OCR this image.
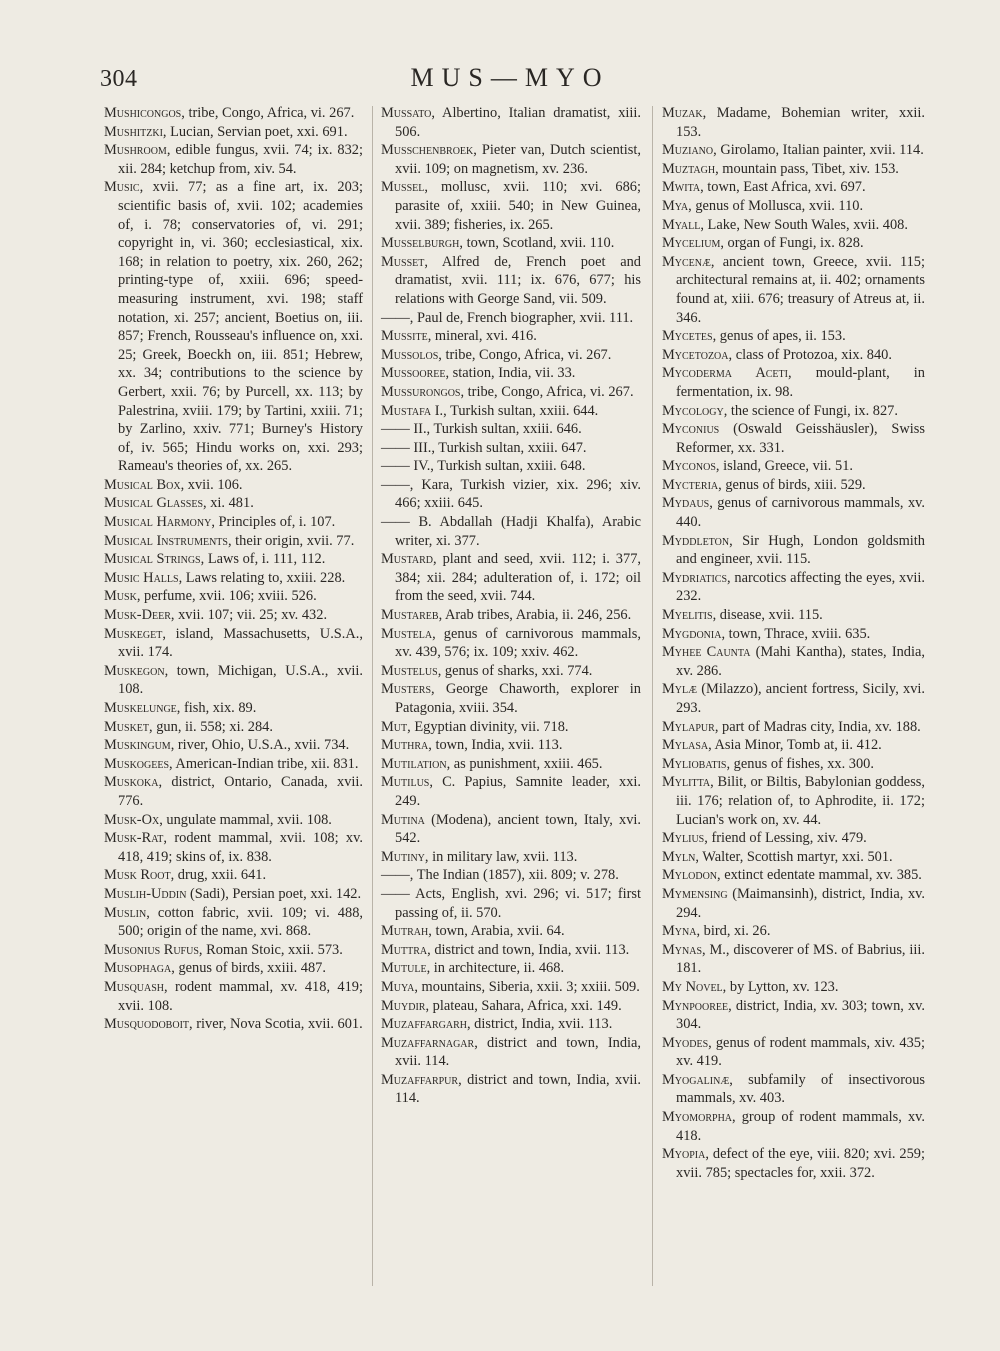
304	MUS—MYO

Mushicongos, tribe, Congo, Africa, vi. 267.

Mushitzki, Lucian, Servian poet, xxi. 691.

Mushroom, edible fungus, xvii. 74; ix. 832; xii. 284; ketchup from, xiv. 54.

Music, xvii. 77; as a fine art, ix. 203; scientific basis of, xvii. 102; academies of, i. 78; conservatories of, vi. 291; copyright in, vi. 360; ecclesiastical, xix. 168; in relation to poetry, xix. 260, 262; printing-type of, xxiii. 696; speed-measuring instrument, xvi. 198; staff notation, xi. 257; ancient, Boetius on, iii. 857; French, Rousseau's influence on, xxi. 25; Greek, Boeckh on, iii. 851; Hebrew, xx. 34; contributions to the science by Gerbert, xxii. 76; by Purcell, xx. 113; by Palestrina, xviii. 179; by Tartini, xxiii. 71; by Zarlino, xxiv. 771; Burney's History of, iv. 565; Hindu works on, xxi. 293; Rameau's theories of, xx. 265.

Musical Box, xvii. 106.

Musical Glasses, xi. 481.

Musical Harmony, Principles of, i. 107.

Musical Instruments, their origin, xvii. 77.

Musical Strings, Laws of, i. 111, 112.

Music Halls, Laws relating to, xxiii. 228.

Musk, perfume, xvii. 106; xviii. 526.

Musk-Deer, xvii. 107; vii. 25; xv. 432.

Muskeget, island, Massachusetts, U.S.A., xvii. 174.

Muskegon, town, Michigan, U.S.A., xvii. 108.

Muskelunge, fish, xix. 89.

Musket, gun, ii. 558; xi. 284.

Muskingum, river, Ohio, U.S.A., xvii. 734.

Muskogees, American-Indian tribe, xii. 831.

Muskoka, district, Ontario, Canada, xvii. 776.

Musk-Ox, ungulate mammal, xvii. 108.

Musk-Rat, rodent mammal, xvii. 108; xv. 418, 419; skins of, ix. 838.

Musk Root, drug, xxii. 641.

Muslih-Uddin (Sadi), Persian poet, xxi. 142.

Muslin, cotton fabric, xvii. 109; vi. 488, 500; origin of the name, xvi. 868.

Musonius Rufus, Roman Stoic, xxii. 573.

Musophaga, genus of birds, xxiii. 487.

Musquash, rodent mammal, xv. 418, 419; xvii. 108.

Musquodoboit, river, Nova Scotia, xvii. 601.

Mussato, Albertino, Italian dramatist, xiii. 506.

Musschenbroek, Pieter van, Dutch scientist, xvii. 109; on magnetism, xv. 236.

Mussel, mollusc, xvii. 110; xvi. 686; parasite of, xxiii. 540; in New Guinea, xvii. 389; fisheries, ix. 265.

Musselburgh, town, Scotland, xvii. 110.

Musset, Alfred de, French poet and dramatist, xvii. 111; ix. 676, 677; his relations with George Sand, vii. 509.

——, Paul de, French biographer, xvii. 111.

Mussite, mineral, xvi. 416.

Mussolos, tribe, Congo, Africa, vi. 267.

Mussooree, station, India, vii. 33.

Mussurongos, tribe, Congo, Africa, vi. 267.

Mustafa I., Turkish sultan, xxiii. 644.

—— II., Turkish sultan, xxiii. 646.

—— III., Turkish sultan, xxiii. 647.

—— IV., Turkish sultan, xxiii. 648.

——, Kara, Turkish vizier, xix. 296; xiv. 466; xxiii. 645.

—— B. Abdallah (Hadji Khalfa), Arabic writer, xi. 377.

Mustard, plant and seed, xvii. 112; i. 377, 384; xii. 284; adulteration of, i. 172; oil from the seed, xvii. 744.

Mustareb, Arab tribes, Arabia, ii. 246, 256.

Mustela, genus of carnivorous mammals, xv. 439, 576; ix. 109; xxiv. 462.

Mustelus, genus of sharks, xxi. 774.

Musters, George Chaworth, explorer in Patagonia, xviii. 354.

Mut, Egyptian divinity, vii. 718.

Muthra, town, India, xvii. 113.

Mutilation, as punishment, xxiii. 465.

Mutilus, C. Papius, Samnite leader, xxi. 249.

Mutina (Modena), ancient town, Italy, xvi. 542.

Mutiny, in military law, xvii. 113.

——, The Indian (1857), xii. 809; v. 278.

—— Acts, English, xvi. 296; vi. 517; first passing of, ii. 570.

Mutrah, town, Arabia, xvii. 64.

Muttra, district and town, India, xvii. 113.

Mutule, in architecture, ii. 468.

Muya, mountains, Siberia, xxii. 3; xxiii. 509.

Muydir, plateau, Sahara, Africa, xxi. 149.

Muzaffargarh, district, India, xvii. 113.

Muzaffarnagar, district and town, India, xvii. 114.

Muzaffarpur, district and town, India, xvii. 114.

Muzak, Madame, Bohemian writer, xxii. 153.

Muziano, Girolamo, Italian painter, xvii. 114.

Muztagh, mountain pass, Tibet, xiv. 153.

Mwita, town, East Africa, xvi. 697.

Mya, genus of Mollusca, xvii. 110.

Myall, Lake, New South Wales, xvii. 408.

Mycelium, organ of Fungi, ix. 828.

Mycenæ, ancient town, Greece, xvii. 115; architectural remains at, ii. 402; ornaments found at, xiii. 676; treasury of Atreus at, ii. 346.

Mycetes, genus of apes, ii. 153.

Mycetozoa, class of Protozoa, xix. 840.

Mycoderma Aceti, mould-plant, in fermentation, ix. 98.

Mycology, the science of Fungi, ix. 827.

Myconius (Oswald Geisshäusler), Swiss Reformer, xx. 331.

Myconos, island, Greece, vii. 51.

Mycteria, genus of birds, xiii. 529.

Mydaus, genus of carnivorous mammals, xv. 440.

Myddleton, Sir Hugh, London goldsmith and engineer, xvii. 115.

Mydriatics, narcotics affecting the eyes, xvii. 232.

Myelitis, disease, xvii. 115.

Mygdonia, town, Thrace, xviii. 635.

Myhee Caunta (Mahi Kantha), states, India, xv. 286.

Mylæ (Milazzo), ancient fortress, Sicily, xvi. 293.

Mylapur, part of Madras city, India, xv. 188.

Mylasa, Asia Minor, Tomb at, ii. 412.

Myliobatis, genus of fishes, xx. 300.

Mylitta, Bilit, or Biltis, Babylonian goddess, iii. 176; relation of, to Aphrodite, ii. 172; Lucian's work on, xv. 44.

Mylius, friend of Lessing, xiv. 479.

Myln, Walter, Scottish martyr, xxi. 501.

Mylodon, extinct edentate mammal, xv. 385.

Mymensing (Maimansinh), district, India, xv. 294.

Myna, bird, xi. 26.

Mynas, M., discoverer of MS. of Babrius, iii. 181.

My Novel, by Lytton, xv. 123.

Mynpooree, district, India, xv. 303; town, xv. 304.

Myodes, genus of rodent mammals, xiv. 435; xv. 419.

Myogalinæ, subfamily of insectivorous mammals, xv. 403.

Myomorpha, group of rodent mammals, xv. 418.

Myopia, defect of the eye, viii. 820; xvi. 259; xvii. 785; spectacles for, xxii. 372.
